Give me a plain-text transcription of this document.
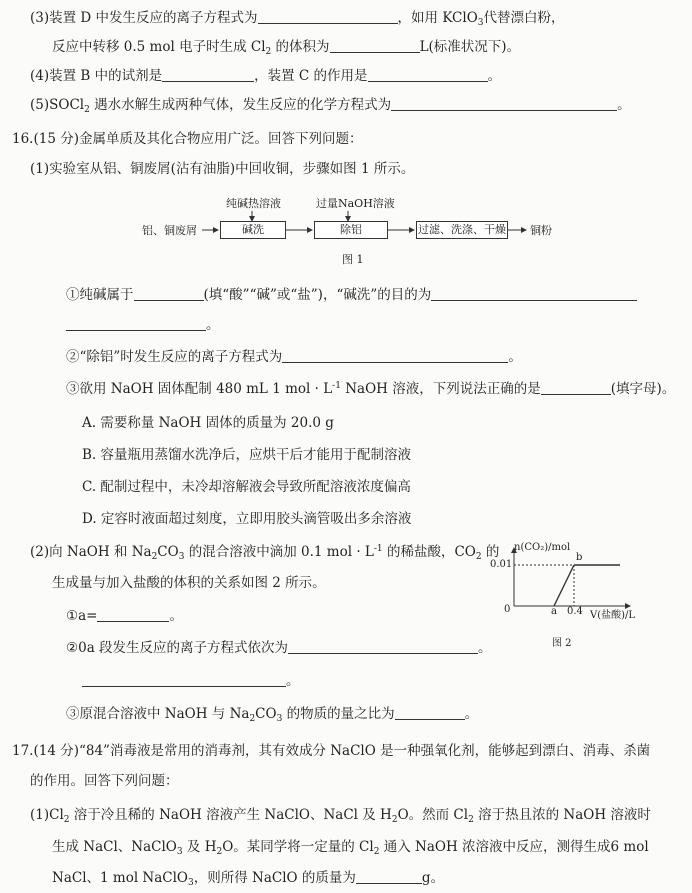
(3)装置 D 中发生反应的离子方程式为	，如用 KClO$_3$代替漂白粉，
反应中转移 0.5 mol 电子时生成 $Cl_2$ 的体积为	L(标准状况下)。
(4)装置 B 中的试剂是	，装置 C 的作用是	。
(5)SOCl$_2$ 遇水水解生成两种气体，发生反应的化学方程式为	。
16.(15 分)金属单质及其化合物应用广泛。回答下列问题：
(1)实验室从铝、铜废屑(沾有油脂)中回收铜，步骤如图 1 所示。
纯碱热溶液	过量NaOH溶液
铝、铜废屑	碱洗	除铝	过滤、洗涤、干燥 铜粉
图 1
①纯碱属于	(填“酸”“碱”或“盐”)，“碱洗”的目的为
。
②“除铝”时发生反应的离子方程式为	。
③欲用 NaOH 固体配制 480 mL 1 mol · $L^{-1}$ NaOH 溶液，下列说法正确的是	(填字母)。
A. 需要称量 NaOH 固体的质量为 20.0 g
B. 容量瓶用蒸馏水洗净后，应烘干后才能用于配制溶液
C. 配制过程中，未冷却溶解液会导致所配溶液浓度偏高
D. 定容时液面超过刻度，立即用胶头滴管吸出多余溶液
(2)向 NaOH 和 $Na_2CO_3$ 的混合溶液中滴加 0.1 mol · $L^{-1}$ 的稀盐酸，$CO_2$ 的
生成量与加入盐酸的体积的关系如图 2 所示。
①a=	。
②0a 段发生反应的离子方程式依次为	。
。
③原混合溶液中 NaOH 与 $Na_2CO_3$ 的物质的量之比为	。
n(CO₂)/mol
0.01
0	a 0.4
b
V(盐酸)/L
图 2
17.(14 分)“84”消毒液是常用的消毒剂，其有效成分 NaClO 是一种强氧化剂，能够起到漂白、消毒、杀菌
的作用。回答下列问题：
$(1)Cl_2$ 溶于冷且稀的 NaOH 溶液产生 NaClO、NaCl 及 $H_2O$。然而 $Cl_2$ 溶于热且浓的 NaOH 溶液时
生成 NaCl、NaClO$_3$ 及 $H_2O$。某同学将一定量的 $Cl_2$ 通入 NaOH 浓溶液中反应，测得生成6 mol
NaCl、1 mol NaClO$_3$，则所得 NaClO 的质量为	g。
